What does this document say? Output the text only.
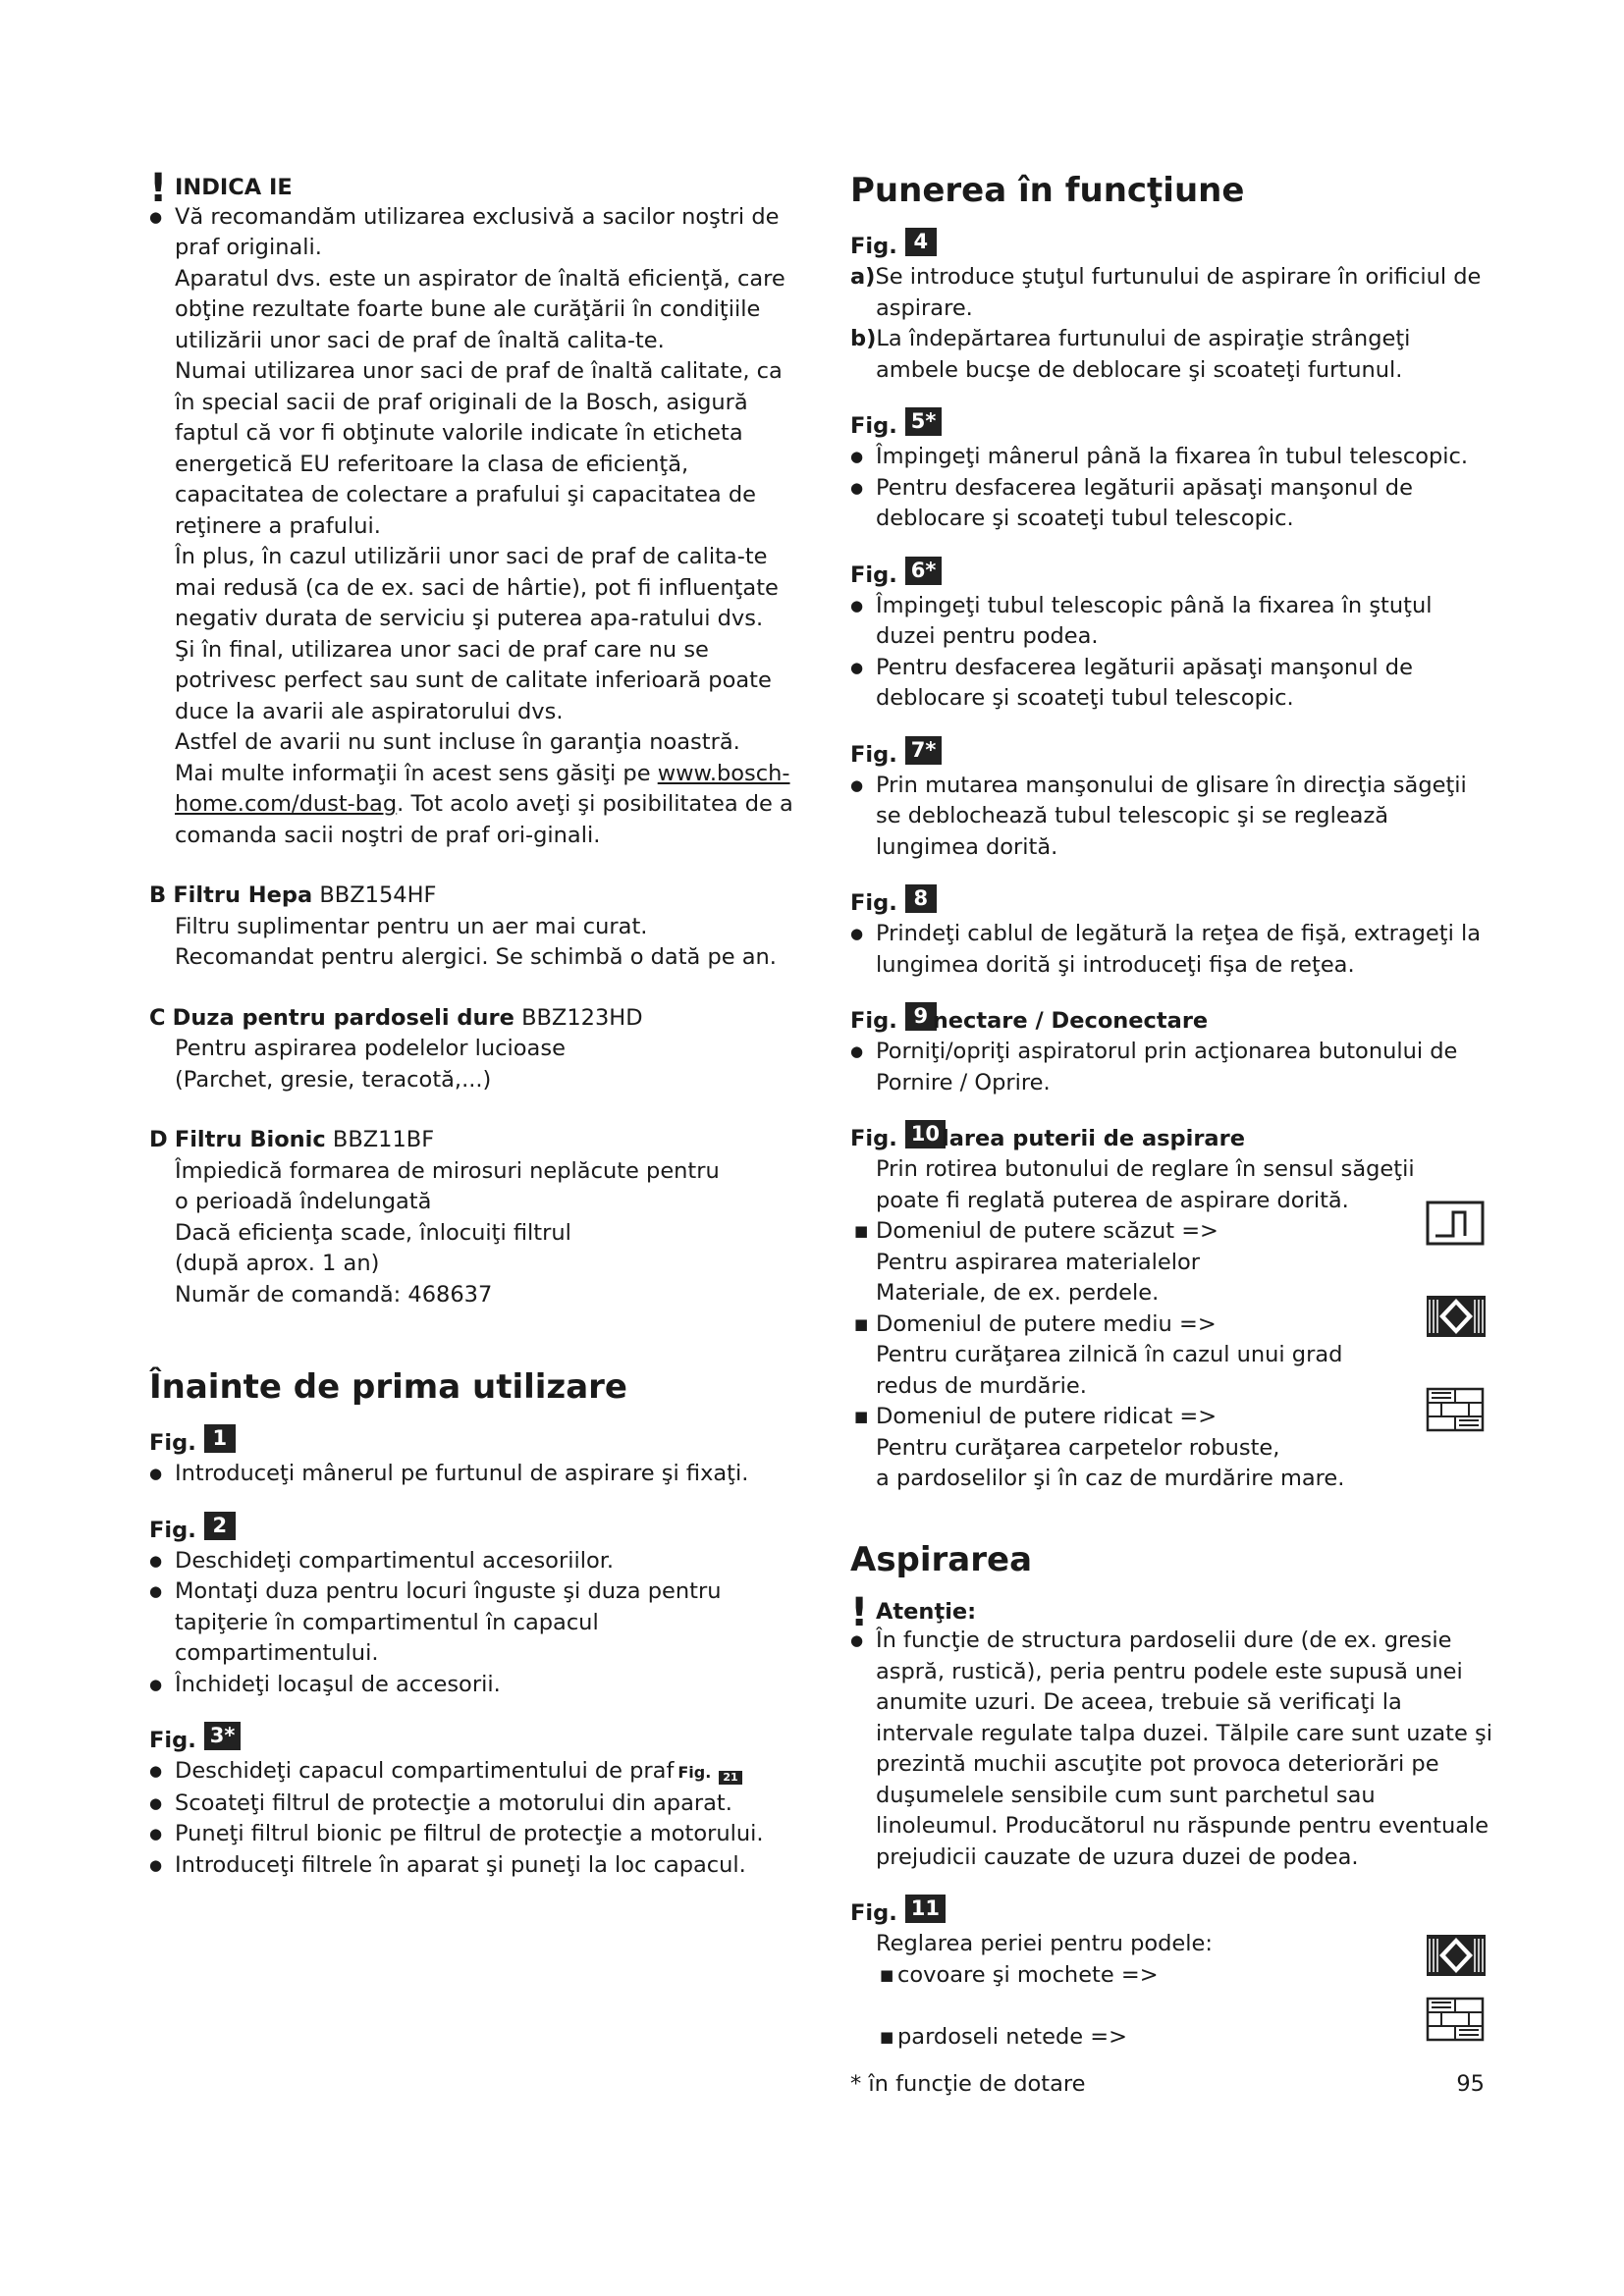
! INDICA IE
● Vă recomandăm utilizarea exclusivă a sacilor noştri de praf originali.
Aparatul dvs. este un aspirator de înaltă eficienţă, care obţine rezultate foarte bune ale curăţării în condiţiile utilizării unor saci de praf de înaltă calita-te.
Numai utilizarea unor saci de praf de înaltă calitate, ca în special sacii de praf originali de la Bosch, asigură faptul că vor fi obţinute valorile indicate în eticheta energetică EU referitoare la clasa de eficienţă, capacitatea de colectare a prafului şi capacitatea de reţinere a prafului.
În plus, în cazul utilizării unor saci de praf de calita-te mai redusă (ca de ex. saci de hârtie), pot fi influenţate negativ durata de serviciu şi puterea apa-ratului dvs.
Şi în final, utilizarea unor saci de praf care nu se potrivesc perfect sau sunt de calitate inferioară poate duce la avarii ale aspiratorului dvs.
Astfel de avarii nu sunt incluse în garanţia noastră.
Mai multe informaţii în acest sens găsiţi pe www.bosch-home.com/dust-bag. Tot acolo aveţi şi posibilitatea de a comanda sacii noştri de praf ori-ginali.
B Filtru Hepa BBZ154HF
Filtru suplimentar pentru un aer mai curat.
Recomandat pentru alergici. Se schimbă o dată pe an.
C Duza pentru pardoseli dure BBZ123HD
Pentru aspirarea podelelor lucioase
(Parchet, gresie, teracotă,...)
D Filtru Bionic BBZ11BF
Împiedică formarea de mirosuri neplăcute pentru
o perioadă îndelungată
Dacă eficienţa scade, înlocuiţi filtrul
(după aprox. 1 an)
Număr de comandă: 468637
Înainte de prima utilizare
Fig. 1
● Introduceţi mânerul pe furtunul de aspirare şi fixaţi.
Fig. 2
● Deschideţi compartimentul accesoriilor.
● Montaţi duza pentru locuri înguste şi duza pentru tapiţerie în compartimentul în capacul compartimentului.
● Închideţi locaşul de accesorii.
Fig. 3*
● Deschideţi capacul compartimentului de praf Fig.	21
● Scoateţi filtrul de protecţie a motorului din aparat.
● Puneţi filtrul bionic pe filtrul de protecţie a motorului.
● Introduceţi filtrele în aparat şi puneţi la loc capacul.
Punerea în funcţiune
Fig. 4
a)Se introduce ştuţul furtunului de aspirare în orificiul de aspirare.
b)La îndepărtarea furtunului de aspiraţie strângeţi ambele bucşe de deblocare şi scoateţi furtunul.
Fig. 5*
● Împingeţi mânerul până la fixarea în tubul telescopic.
● Pentru desfacerea legăturii apăsaţi manşonul de deblocare şi scoateţi tubul telescopic.
Fig. 6*
● Împingeţi tubul telescopic până la fixarea în ştuţul duzei pentru podea.
● Pentru desfacerea legăturii apăsaţi manşonul de deblocare şi scoateţi tubul telescopic.
Fig. 7*
● Prin mutarea manşonului de glisare în direcţia săgeţii se deblochează tubul telescopic şi se reglează lungimea dorită.
Fig. 8
● Prindeţi cablul de legătură la reţea de fişă, extrageţi la lungimea dorită şi introduceţi fişa de reţea.
Fig. 9 nectare / Deconectare
● Porniţi/opriţi aspiratorul prin acţionarea butonului de Pornire / Oprire.
Fig. 10 larea puterii de aspirare
Prin rotirea butonului de reglare în sensul săgeţii poate fi reglată puterea de aspirare dorită.
■ Domeniul de putere scăzut =>
Pentru aspirarea materialelor
Materiale, de ex. perdele.
■ Domeniul de putere mediu =>
Pentru curăţarea zilnică în cazul unui grad
redus de murdărie.
■ Domeniul de putere ridicat =>
Pentru curăţarea carpetelor robuste,
a pardoselilor şi în caz de murdărire mare.
Aspirarea
! Atenţie:
● În funcţie de structura pardoselii dure (de ex. gresie aspră, rustică), peria pentru podele este supusă unei anumite uzuri. De aceea, trebuie să verificaţi la intervale regulate talpa duzei. Tălpile care sunt uzate şi prezintă muchii ascuţite pot provoca deteriorări pe duşumelele sensibile cum sunt parchetul sau linoleumul. Producătorul nu răspunde pentru eventuale prejudicii cauzate de uzura duzei de podea.
Fig. 11
Reglarea periei pentru podele:
■ covoare şi mochete =>
■ pardoseli netede =>
* în funcţie de dotare	95
